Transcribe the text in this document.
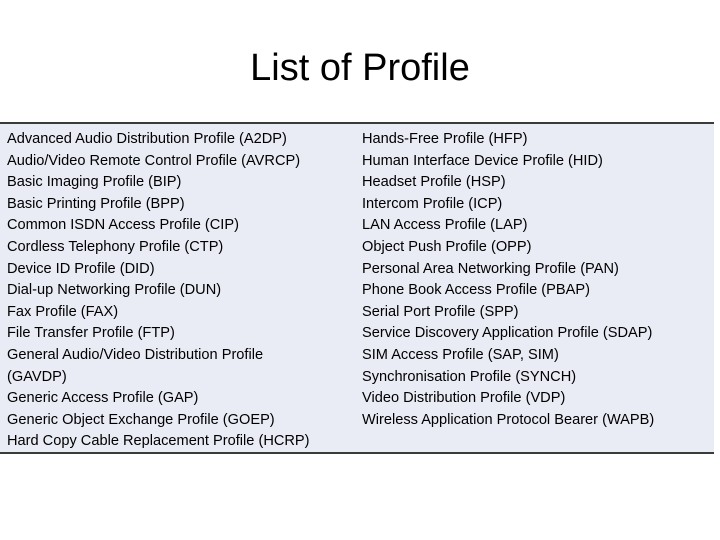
List of Profile
Advanced Audio Distribution Profile (A2DP)
Audio/Video Remote Control Profile (AVRCP)
Basic Imaging Profile (BIP)
Basic Printing Profile (BPP)
Common ISDN Access Profile (CIP)
Cordless Telephony Profile (CTP)
Device ID Profile (DID)
Dial-up Networking Profile (DUN)
Fax Profile (FAX)
File Transfer Profile (FTP)
General Audio/Video Distribution Profile
(GAVDP)
Generic Access Profile (GAP)
Generic Object Exchange Profile (GOEP)
Hard Copy Cable Replacement Profile (HCRP)
Hands-Free Profile (HFP)
Human Interface Device Profile (HID)
Headset Profile (HSP)
Intercom Profile (ICP)
LAN Access Profile (LAP)
Object Push Profile (OPP)
Personal Area Networking Profile (PAN)
Phone Book Access Profile (PBAP)
Serial Port Profile (SPP)
Service Discovery Application Profile (SDAP)
SIM Access Profile (SAP, SIM)
Synchronisation Profile (SYNCH)
Video Distribution Profile (VDP)
Wireless Application Protocol Bearer (WAPB)
